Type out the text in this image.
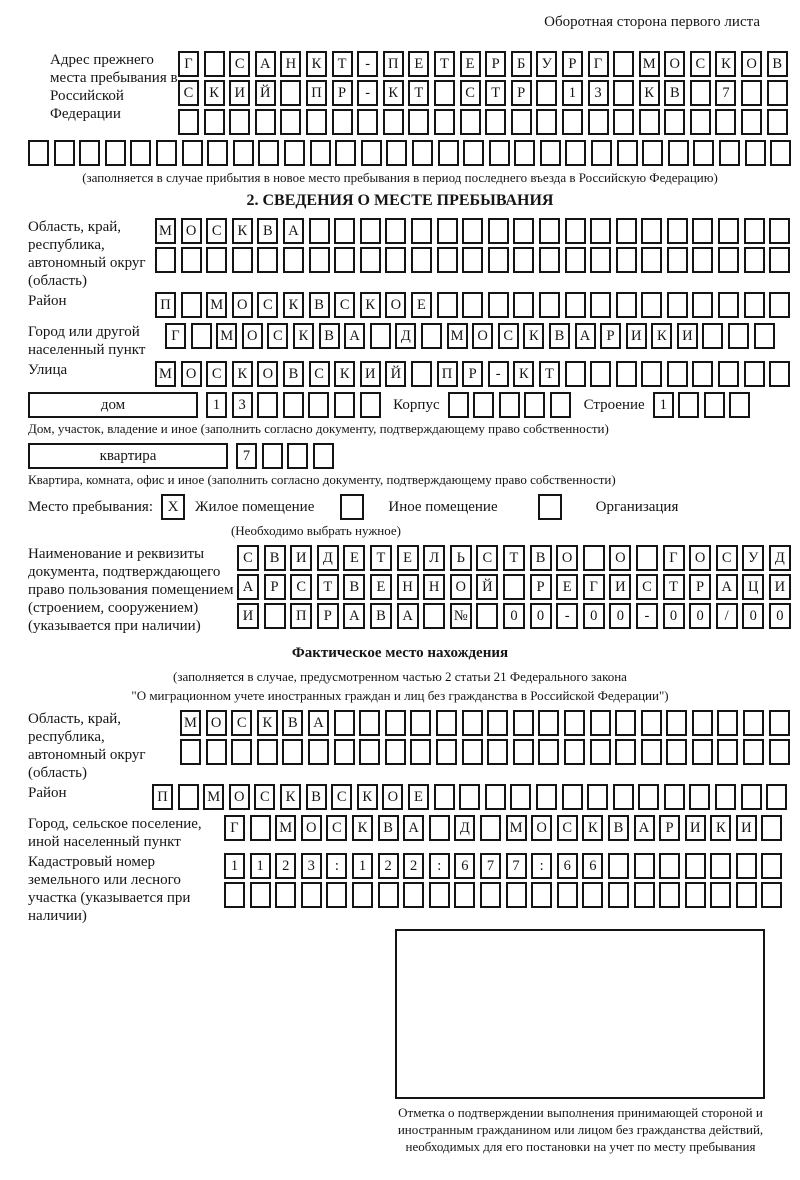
Оборотная сторона первого листа
Адрес прежнего места пребывания в Российской Федерации
Г	С А Н К Т - П Е Т Е Р Б У Р Г	М О С К О В
С К И Й	П Р - К Т	С Т Р	1 3	К В	7
(заполняется в случае прибытия в новое место пребывания в период последнего въезда в Российскую Федерацию)
2. СВЕДЕНИЯ О МЕСТЕ ПРЕБЫВАНИЯ
Область, край, республика, автономный округ (область)
М О С К В А
Район	П	М О С К В С К О Е
Город или другой населенный пункт
Г	М О С К В А	Д	М О С К В А Р И К И
Улица	М О С К О В С К И Й	П Р - К Т
дом	1 3	Корпус	Строение	1
Дом, участок, владение и иное (заполнить согласно документу, подтверждающему право собственности)
квартира	7
Квартира, комната, офис и иное (заполнить согласно документу, подтверждающему право собственности)
Место пребывания: X	Жилое помещение	Иное помещение	Организация
(Необходимо выбрать нужное)
Наименование и реквизиты документа, подтверждающего право пользования помещением (строением, сооружением) (указывается при наличии)
С В И Д Е Т Е Л Ь С Т В О	О	Г О С У Д
А Р С Т В Е Н Н О Й	Р Е Г И С Т Р А Ц И
И	П Р А В А	№	0 0 - 0 0 - 0 0 / 0 0
Фактическое место нахождения
(заполняется в случае, предусмотренном частью 2 статьи 21 Федерального закона
"О миграционном учете иностранных граждан и лиц без гражданства в Российской Федерации")
Область, край, республика, автономный округ (область)
М О С К В А
Район	П	М О С К В С К О Е
Город, сельское поселение, иной населенный пункт
Г	М О С К В А	Д	М О С К В А Р И К И
Кадастровый номер земельного или лесного участка (указывается при наличии)
1 1 2 3 : 1 2 2 : 6 7 7 : 6 6
Отметка о подтверждении выполнения принимающей стороной и иностранным гражданином или лицом без гражданства действий, необходимых для его постановки на учет по месту пребывания
